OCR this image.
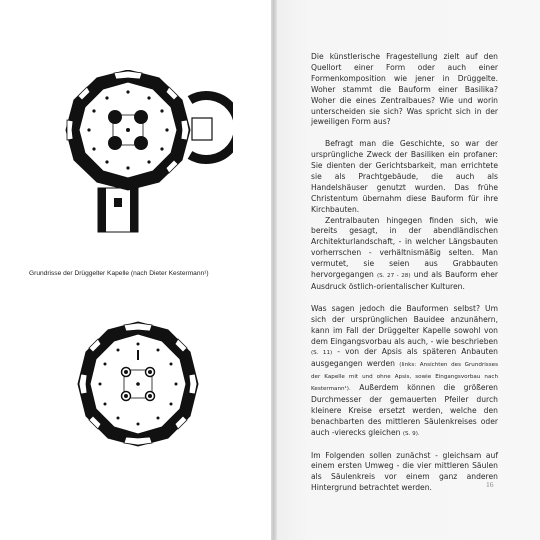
Grundrisse der Drüggelter Kapelle (nach Dieter Kestermann¹)

Die künstlerische Fragestellung zielt auf den Quellort einer Form oder auch einer Formenkomposition wie jener in Drüggelte. Woher stammt die Bauform einer Basilika? Woher die eines Zentralbaues? Wie und worin unterscheiden sie sich? Was spricht sich in der jeweiligen Form aus?

Befragt man die Geschichte, so war der ursprüngliche Zweck der Basiliken ein profaner: Sie dienten der Gerichtsbarkeit, man errichtete sie als Prachtgebäude, die auch als Handelshäuser genutzt wurden. Das frühe Christentum übernahm diese Bauform für ihre Kirchbauten.

Zentralbauten hingegen finden sich, wie bereits gesagt, in der abendländischen Architekturlandschaft, - in welcher Längsbauten vorherrschen - verhältnismäßig selten. Man vermutet, sie seien aus Grabbauten hervorgegangen (S. 27 - 28) und als Bauform eher Ausdruck östlich-orientalischer Kulturen.

Was sagen jedoch die Bauformen selbst? Um sich der ursprünglichen Bauidee anzunähern, kann im Fall der Drüggelter Kapelle sowohl von dem Eingangsvorbau als auch, - wie beschrieben (S. 11) - von der Apsis als späteren Anbauten ausgegangen werden (links: Ansichten des Grundrisses der Kapelle mit und ohne Apsis, sowie Eingangsvorbau nach Kestermann¹). Außerdem können die größeren Durchmesser der gemauerten Pfeiler durch kleinere Kreise ersetzt werden, welche den benachbarten des mittleren Säulenkreises oder auch -vierecks gleichen (S. 9).

Im Folgenden sollen zunächst - gleichsam auf einem ersten Umweg - die vier mittleren Säulen als Säulenkreis vor einem ganz anderen Hintergrund betrachtet werden.	16
